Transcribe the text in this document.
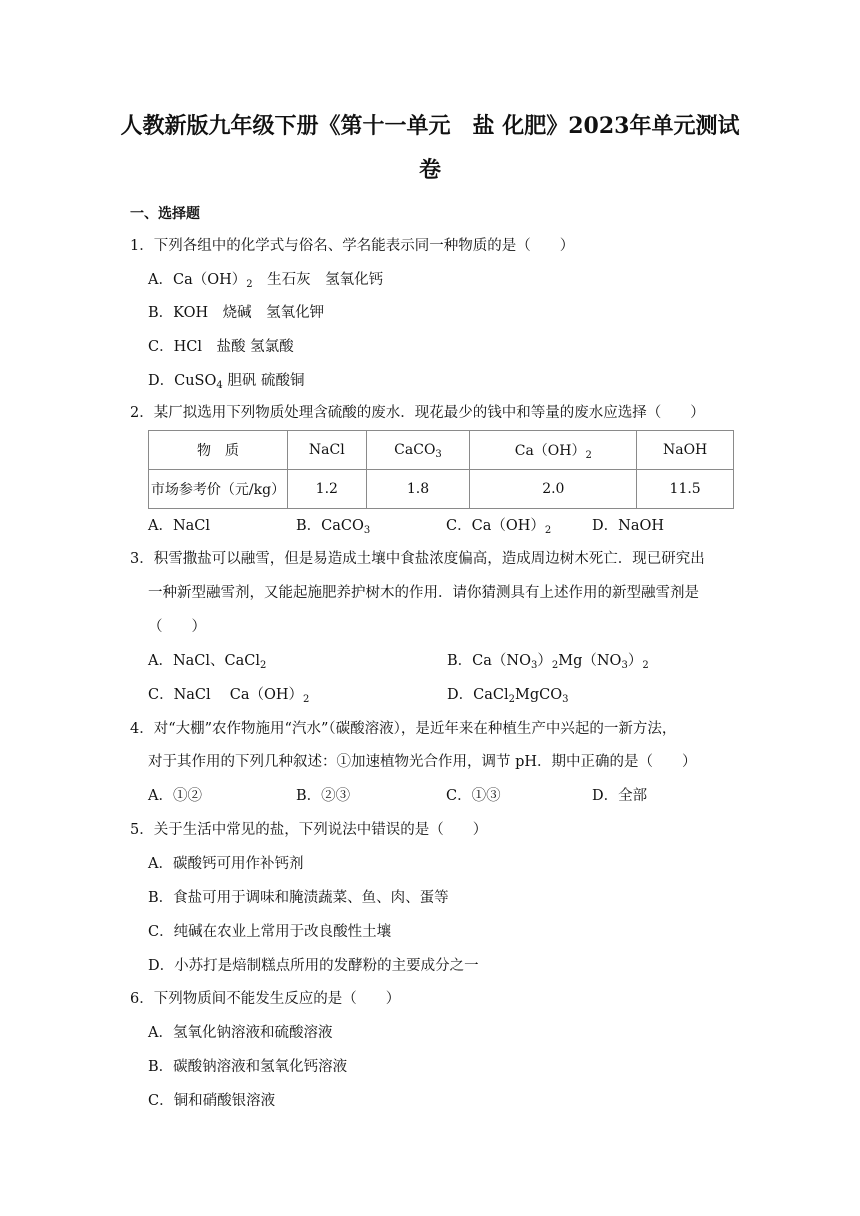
人教新版九年级下册《第十一单元　盐 化肥》2023年单元测试
卷
一、选择题
1．下列各组中的化学式与俗名、学名能表示同一种物质的是（　　）
A．$Ca(OH)_2$　生石灰　氢氧化钙
B．KOH　烧碱　氢氧化钾
C．HCl　盐酸 氢氯酸
D．CuSO$_4$ 胆矾 硫酸铜
2．某厂拟选用下列物质处理含硫酸的废水．现花最少的钱中和等量的废水应选择（　　）
物　质	NaCl	CaCO$_3$	$Ca(OH)_2$	NaOH
市场参考价（元/kg）	1.2	1.8	2.0	11.5
A．NaCl	B．CaCO$_3$	C．$Ca(OH)_2$	D．NaOH
3．积雪撒盐可以融雪，但是易造成土壤中食盐浓度偏高，造成周边树木死亡．现已研究出
一种新型融雪剂，又能起施肥养护树木的作用．请你猜测具有上述作用的新型融雪剂是
（　　）
A．NaCl、CaCl$_2$	B．$Ca(NO_3)_2Mg(NO_3)_2$
C．NaCl　 $Ca(OH)_2$	D．CaCl$_2$MgCO$_3$
4．对“大棚”农作物施用“汽水”（碳酸溶液），是近年来在种植生产中兴起的一新方法，
对于其作用的下列几种叙述：①加速植物光合作用，调节 pH．期中正确的是（　　）
A．①②	B．②③	C．①③	D．全部
5．关于生活中常见的盐，下列说法中错误的是（　　）
A．碳酸钙可用作补钙剂
B．食盐可用于调味和腌渍蔬菜、鱼、肉、蛋等
C．纯碱在农业上常用于改良酸性土壤
D．小苏打是焙制糕点所用的发酵粉的主要成分之一
6．下列物质间不能发生反应的是（　　）
A．氢氧化钠溶液和硫酸溶液
B．碳酸钠溶液和氢氧化钙溶液
C．铜和硝酸银溶液
